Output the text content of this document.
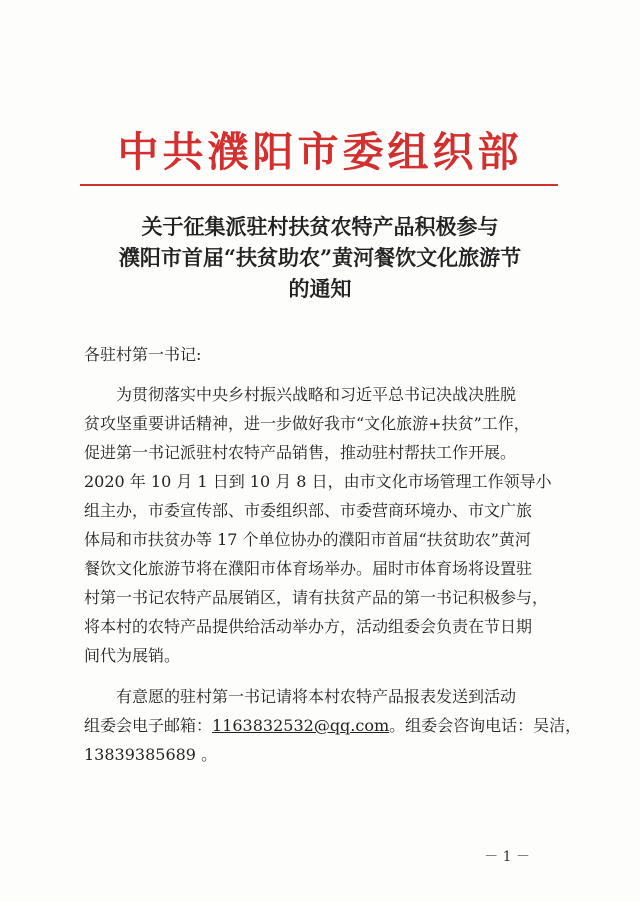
中共濮阳市委组织部
关于征集派驻村扶贫农特产品积极参与
濮阳市首届“扶贫助农”黄河餐饮文化旅游节
的通知
各驻村第一书记:
为贯彻落实中央乡村振兴战略和习近平总书记决战决胜脱
贫攻坚重要讲话精神，进一步做好我市“文化旅游+扶贫”工作，
促进第一书记派驻村农特产品销售，推动驻村帮扶工作开展。
2020 年 10 月 1 日到 10 月 8 日，由市文化市场管理工作领导小
组主办，市委宣传部、市委组织部、市委营商环境办、市文广旅
体局和市扶贫办等 17 个单位协办的濮阳市首届“扶贫助农”黄河
餐饮文化旅游节将在濮阳市体育场举办。届时市体育场将设置驻
村第一书记农特产品展销区，请有扶贫产品的第一书记积极参与，
将本村的农特产品提供给活动举办方，活动组委会负责在节日期
间代为展销。
有意愿的驻村第一书记请将本村农特产品报表发送到活动
组委会电子邮箱：1163832532@qq.com。组委会咨询电话：吴洁，
13839385689 。
－ 1 －
